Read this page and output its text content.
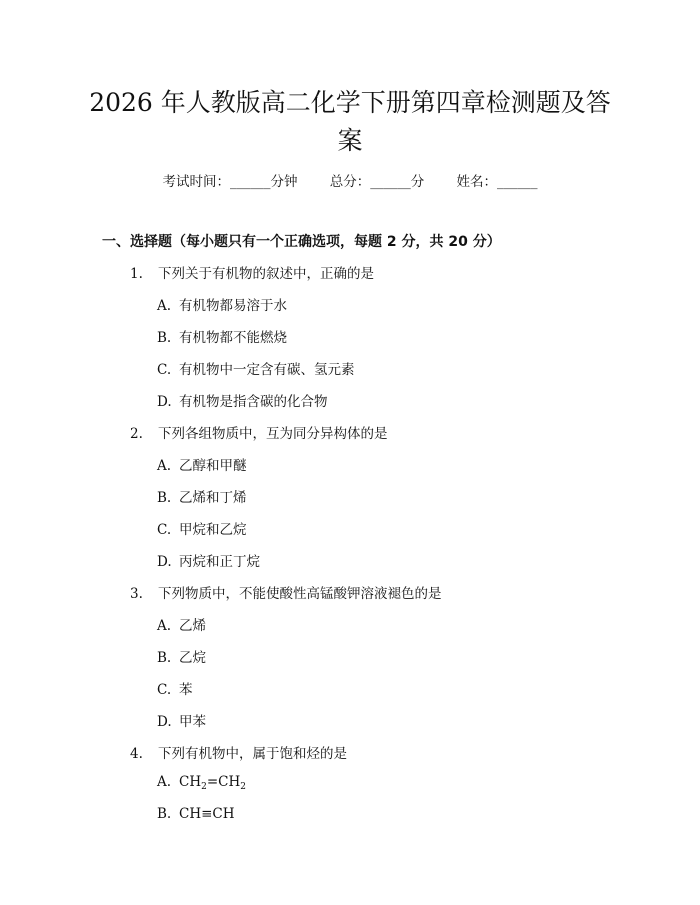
2026 年人教版高二化学下册第四章检测题及答案
考试时间：______分钟 总分：______分 姓名：______
一、选择题（每小题只有一个正确选项，每题 2 分，共 20 分）
1. 下列关于有机物的叙述中，正确的是
A. 有机物都易溶于水
B. 有机物都不能燃烧
C. 有机物中一定含有碳、氢元素
D. 有机物是指含碳的化合物
2. 下列各组物质中，互为同分异构体的是
A. 乙醇和甲醚
B. 乙烯和丁烯
C. 甲烷和乙烷
D. 丙烷和正丁烷
3. 下列物质中，不能使酸性高锰酸钾溶液褪色的是
A. 乙烯
B. 乙烷
C. 苯
D. 甲苯
4. 下列有机物中，属于饱和烃的是
A. $CH_2=CH_2$
B. CH≡CH
